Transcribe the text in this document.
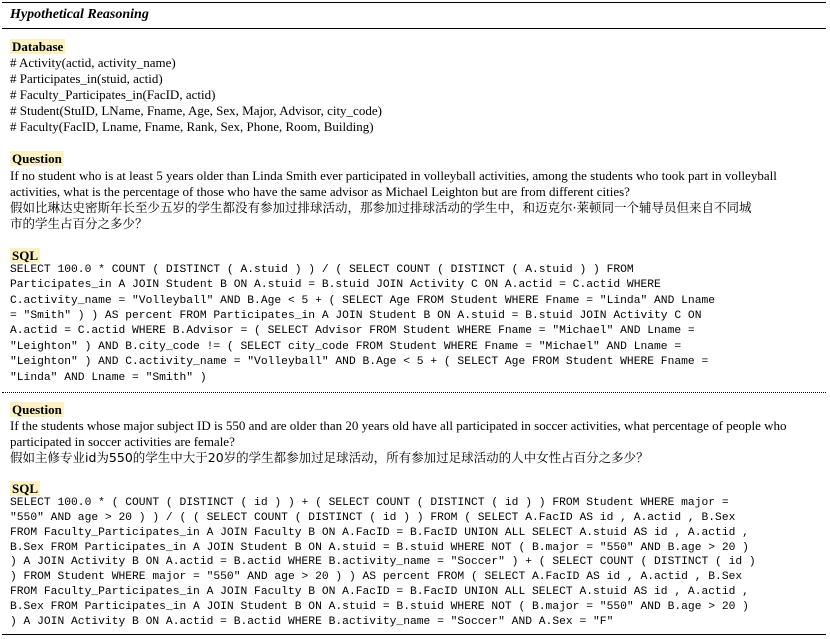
Hypothetical Reasoning
Database
# Activity(actid, activity_name)
# Participates_in(stuid, actid)
# Faculty_Participates_in(FacID, actid)
# Student(StuID, LName, Fname, Age, Sex, Major, Advisor, city_code)
# Faculty(FacID, Lname, Fname, Rank, Sex, Phone, Room, Building)
Question
If no student who is at least 5 years older than Linda Smith ever participated in volleyball activities, among the students who took part in volleyball
activities, what is the percentage of those who have the same advisor as Michael Leighton but are from different cities?
假如比琳达史密斯年长至少五岁的学生都没有参加过排球活动，那参加过排球活动的学生中，和迈克尔·莱顿同一个辅导员但来自不同城
市的学生占百分之多少？
SQL
SELECT 100.0 * COUNT ( DISTINCT ( A.stuid ) ) / ( SELECT COUNT ( DISTINCT ( A.stuid ) ) FROM
Participates_in A JOIN Student B ON A.stuid = B.stuid JOIN Activity C ON A.actid = C.actid WHERE
C.activity_name = "Volleyball" AND B.Age < 5 + ( SELECT Age FROM Student WHERE Fname = "Linda" AND Lname
= "Smith" ) ) AS percent FROM Participates_in A JOIN Student B ON A.stuid = B.stuid JOIN Activity C ON
A.actid = C.actid WHERE B.Advisor = ( SELECT Advisor FROM Student WHERE Fname = "Michael" AND Lname =
"Leighton" ) AND B.city_code != ( SELECT city_code FROM Student WHERE Fname = "Michael" AND Lname =
"Leighton" ) AND C.activity_name = "Volleyball" AND B.Age < 5 + ( SELECT Age FROM Student WHERE Fname =
"Linda" AND Lname = "Smith" )
Question
If the students whose major subject ID is 550 and are older than 20 years old have all participated in soccer activities, what percentage of people who
participated in soccer activities are female?
假如主修专业id为550的学生中大于20岁的学生都参加过足球活动，所有参加过足球活动的人中女性占百分之多少？
SQL
SELECT 100.0 * ( COUNT ( DISTINCT ( id ) ) + ( SELECT COUNT ( DISTINCT ( id ) ) FROM Student WHERE major =
"550" AND age > 20 ) ) / ( ( SELECT COUNT ( DISTINCT ( id ) ) FROM ( SELECT A.FacID AS id , A.actid , B.Sex
FROM Faculty_Participates_in A JOIN Faculty B ON A.FacID = B.FacID UNION ALL SELECT A.stuid AS id , A.actid ,
B.Sex FROM Participates_in A JOIN Student B ON A.stuid = B.stuid WHERE NOT ( B.major = "550" AND B.age > 20 )
) A JOIN Activity B ON A.actid = B.actid WHERE B.activity_name = "Soccer" ) + ( SELECT COUNT ( DISTINCT ( id )
) FROM Student WHERE major = "550" AND age > 20 ) ) AS percent FROM ( SELECT A.FacID AS id , A.actid , B.Sex
FROM Faculty_Participates_in A JOIN Faculty B ON A.FacID = B.FacID UNION ALL SELECT A.stuid AS id , A.actid ,
B.Sex FROM Participates_in A JOIN Student B ON A.stuid = B.stuid WHERE NOT ( B.major = "550" AND B.age > 20 )
) A JOIN Activity B ON A.actid = B.actid WHERE B.activity_name = "Soccer" AND A.Sex = "F"
